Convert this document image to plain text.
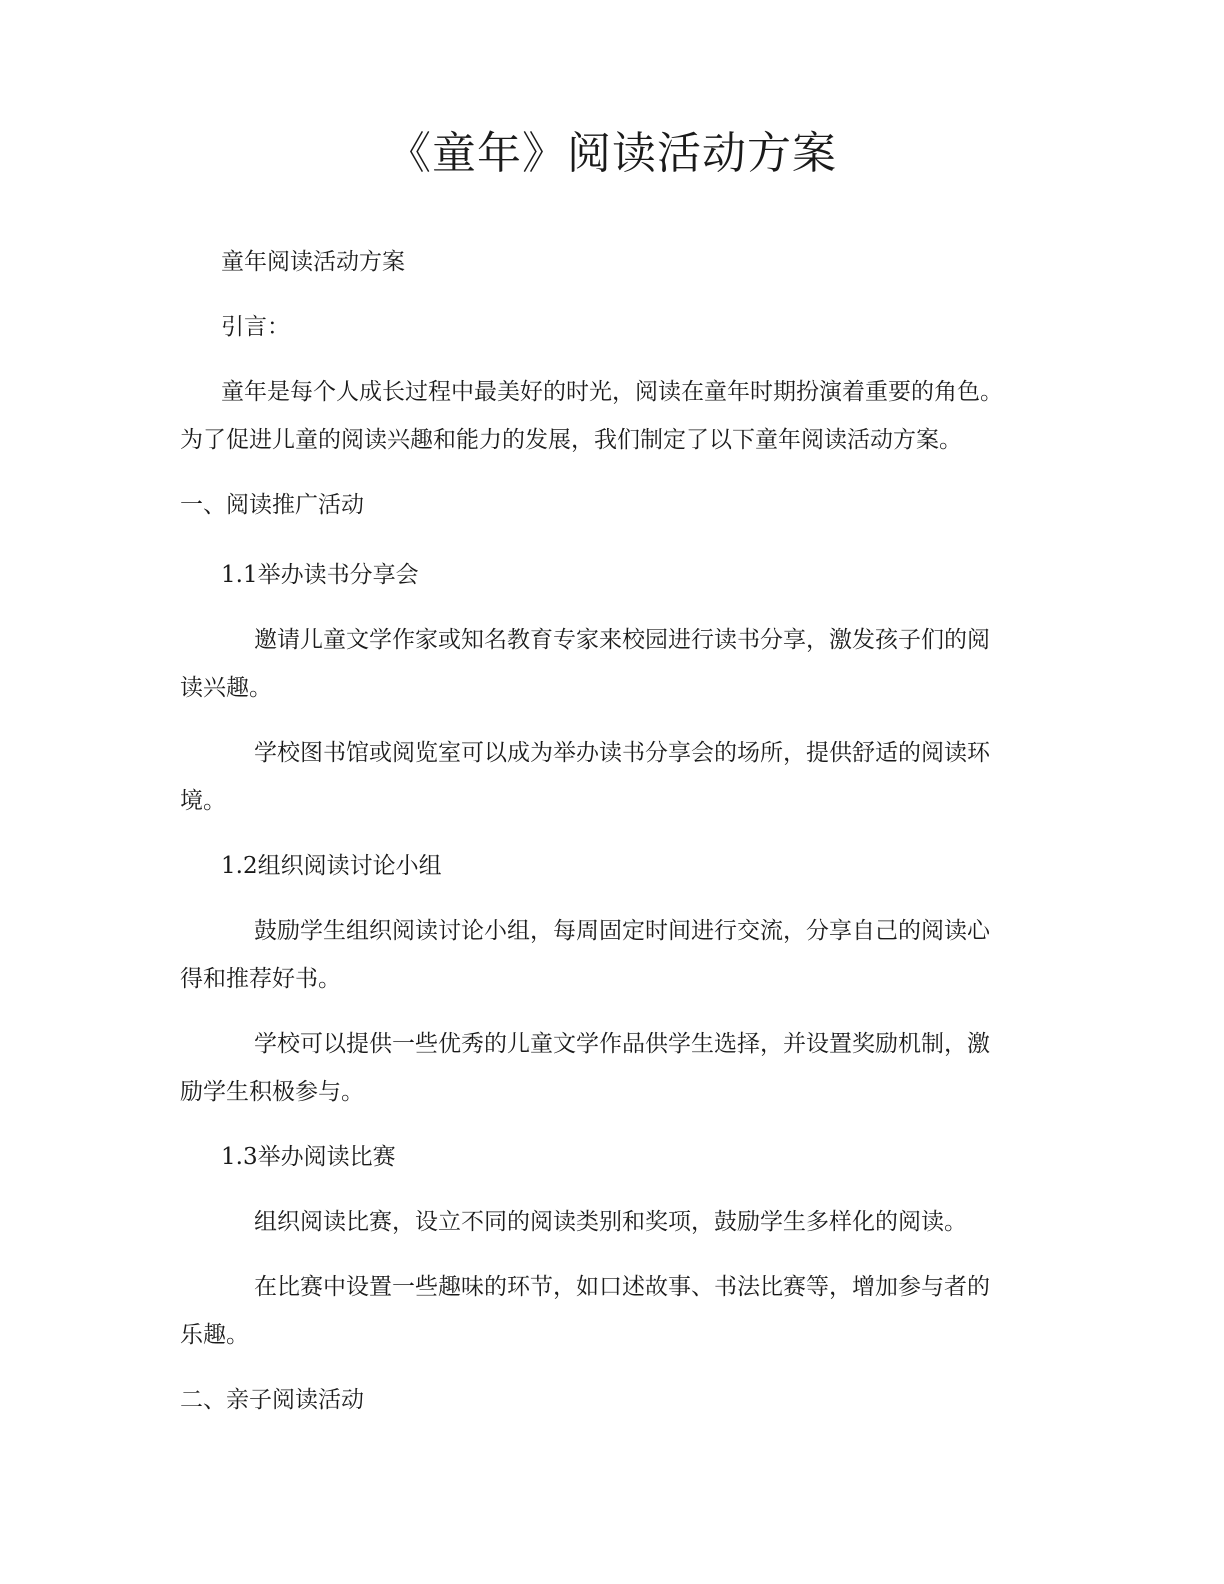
《童年》阅读活动方案
童年阅读活动方案
引言：
童年是每个人成长过程中最美好的时光，阅读在童年时期扮演着重要的角色。
为了促进儿童的阅读兴趣和能力的发展，我们制定了以下童年阅读活动方案。
一、阅读推广活动
1.1举办读书分享会
邀请儿童文学作家或知名教育专家来校园进行读书分享，激发孩子们的阅
读兴趣。
学校图书馆或阅览室可以成为举办读书分享会的场所，提供舒适的阅读环
境。
1.2组织阅读讨论小组
鼓励学生组织阅读讨论小组，每周固定时间进行交流，分享自己的阅读心
得和推荐好书。
学校可以提供一些优秀的儿童文学作品供学生选择，并设置奖励机制，激
励学生积极参与。
1.3举办阅读比赛
组织阅读比赛，设立不同的阅读类别和奖项，鼓励学生多样化的阅读。
在比赛中设置一些趣味的环节，如口述故事、书法比赛等，增加参与者的
乐趣。
二、亲子阅读活动
